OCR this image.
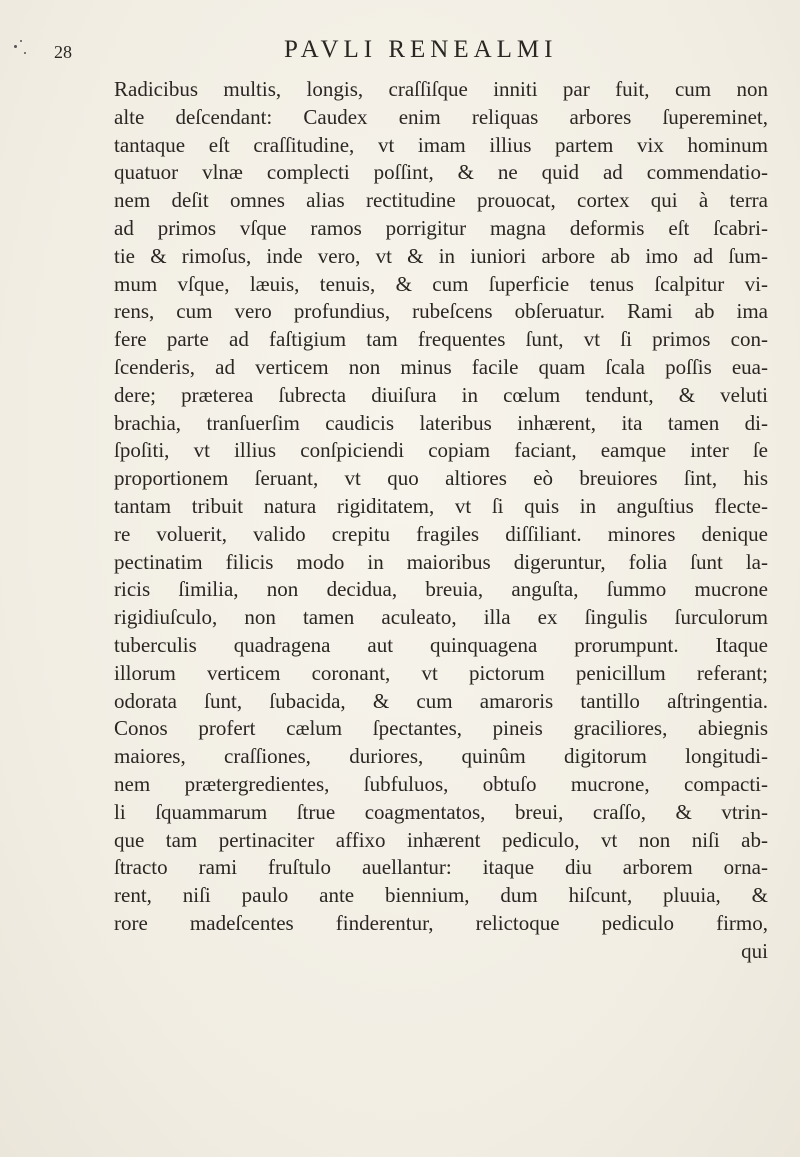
28	PAVLI RENEALMI
Radicibus multis, longis, craſſiſque inniti par fuit, cum non
alte deſcendant: Caudex enim reliquas arbores ſupereminet,
tantaque eſt craſſitudine, vt imam illius partem vix hominum
quatuor vlnæ complecti poſſint, & ne quid ad commendatio-
nem deſit omnes alias rectitudine prouocat, cortex qui à terra
ad primos vſque ramos porrigitur magna deformis eſt ſcabri-
tie & rimoſus, inde vero, vt & in iuniori arbore ab imo ad ſum-
mum vſque, læuis, tenuis, & cum ſuperficie tenus ſcalpitur vi-
rens, cum vero profundius, rubeſcens obſeruatur. Rami ab ima
fere parte ad faſtigium tam frequentes ſunt, vt ſi primos con-
ſcenderis, ad verticem non minus facile quam ſcala poſſis eua-
dere; præterea ſubrecta diuiſura in cœlum tendunt, & veluti
brachia, tranſuerſim caudicis lateribus inhærent, ita tamen di-
ſpoſiti, vt illius conſpiciendi copiam faciant, eamque inter ſe
proportionem ſeruant, vt quo altiores eò breuiores ſint, his
tantam tribuit natura rigiditatem, vt ſi quis in anguſtius flecte-
re voluerit, valido crepitu fragiles diſſiliant. minores denique
pectinatim filicis modo in maioribus digeruntur, folia ſunt la-
ricis ſimilia, non decidua, breuia, anguſta, ſummo mucrone
rigidiuſculo, non tamen aculeato, illa ex ſingulis ſurculorum
tuberculis quadragena aut quinquagena prorumpunt. Itaque
illorum verticem coronant, vt pictorum penicillum referant;
odorata ſunt, ſubacida, & cum amaroris tantillo aſtringentia.
Conos profert cælum ſpectantes, pineis graciliores, abiegnis
maiores, craſſiones, duriores, quinûm digitorum longitudi-
nem prætergredientes, ſubfuluos, obtuſo mucrone, compacti-
li ſquammarum ſtrue coagmentatos, breui, craſſo, & vtrin-
que tam pertinaciter affixo inhærent pediculo, vt non niſi ab-
ſtracto rami fruſtulo auellantur: itaque diu arborem orna-
rent, niſi paulo ante biennium, dum hiſcunt, pluuia, &
rore madeſcentes finderentur, relictoque pediculo firmo,
qui
